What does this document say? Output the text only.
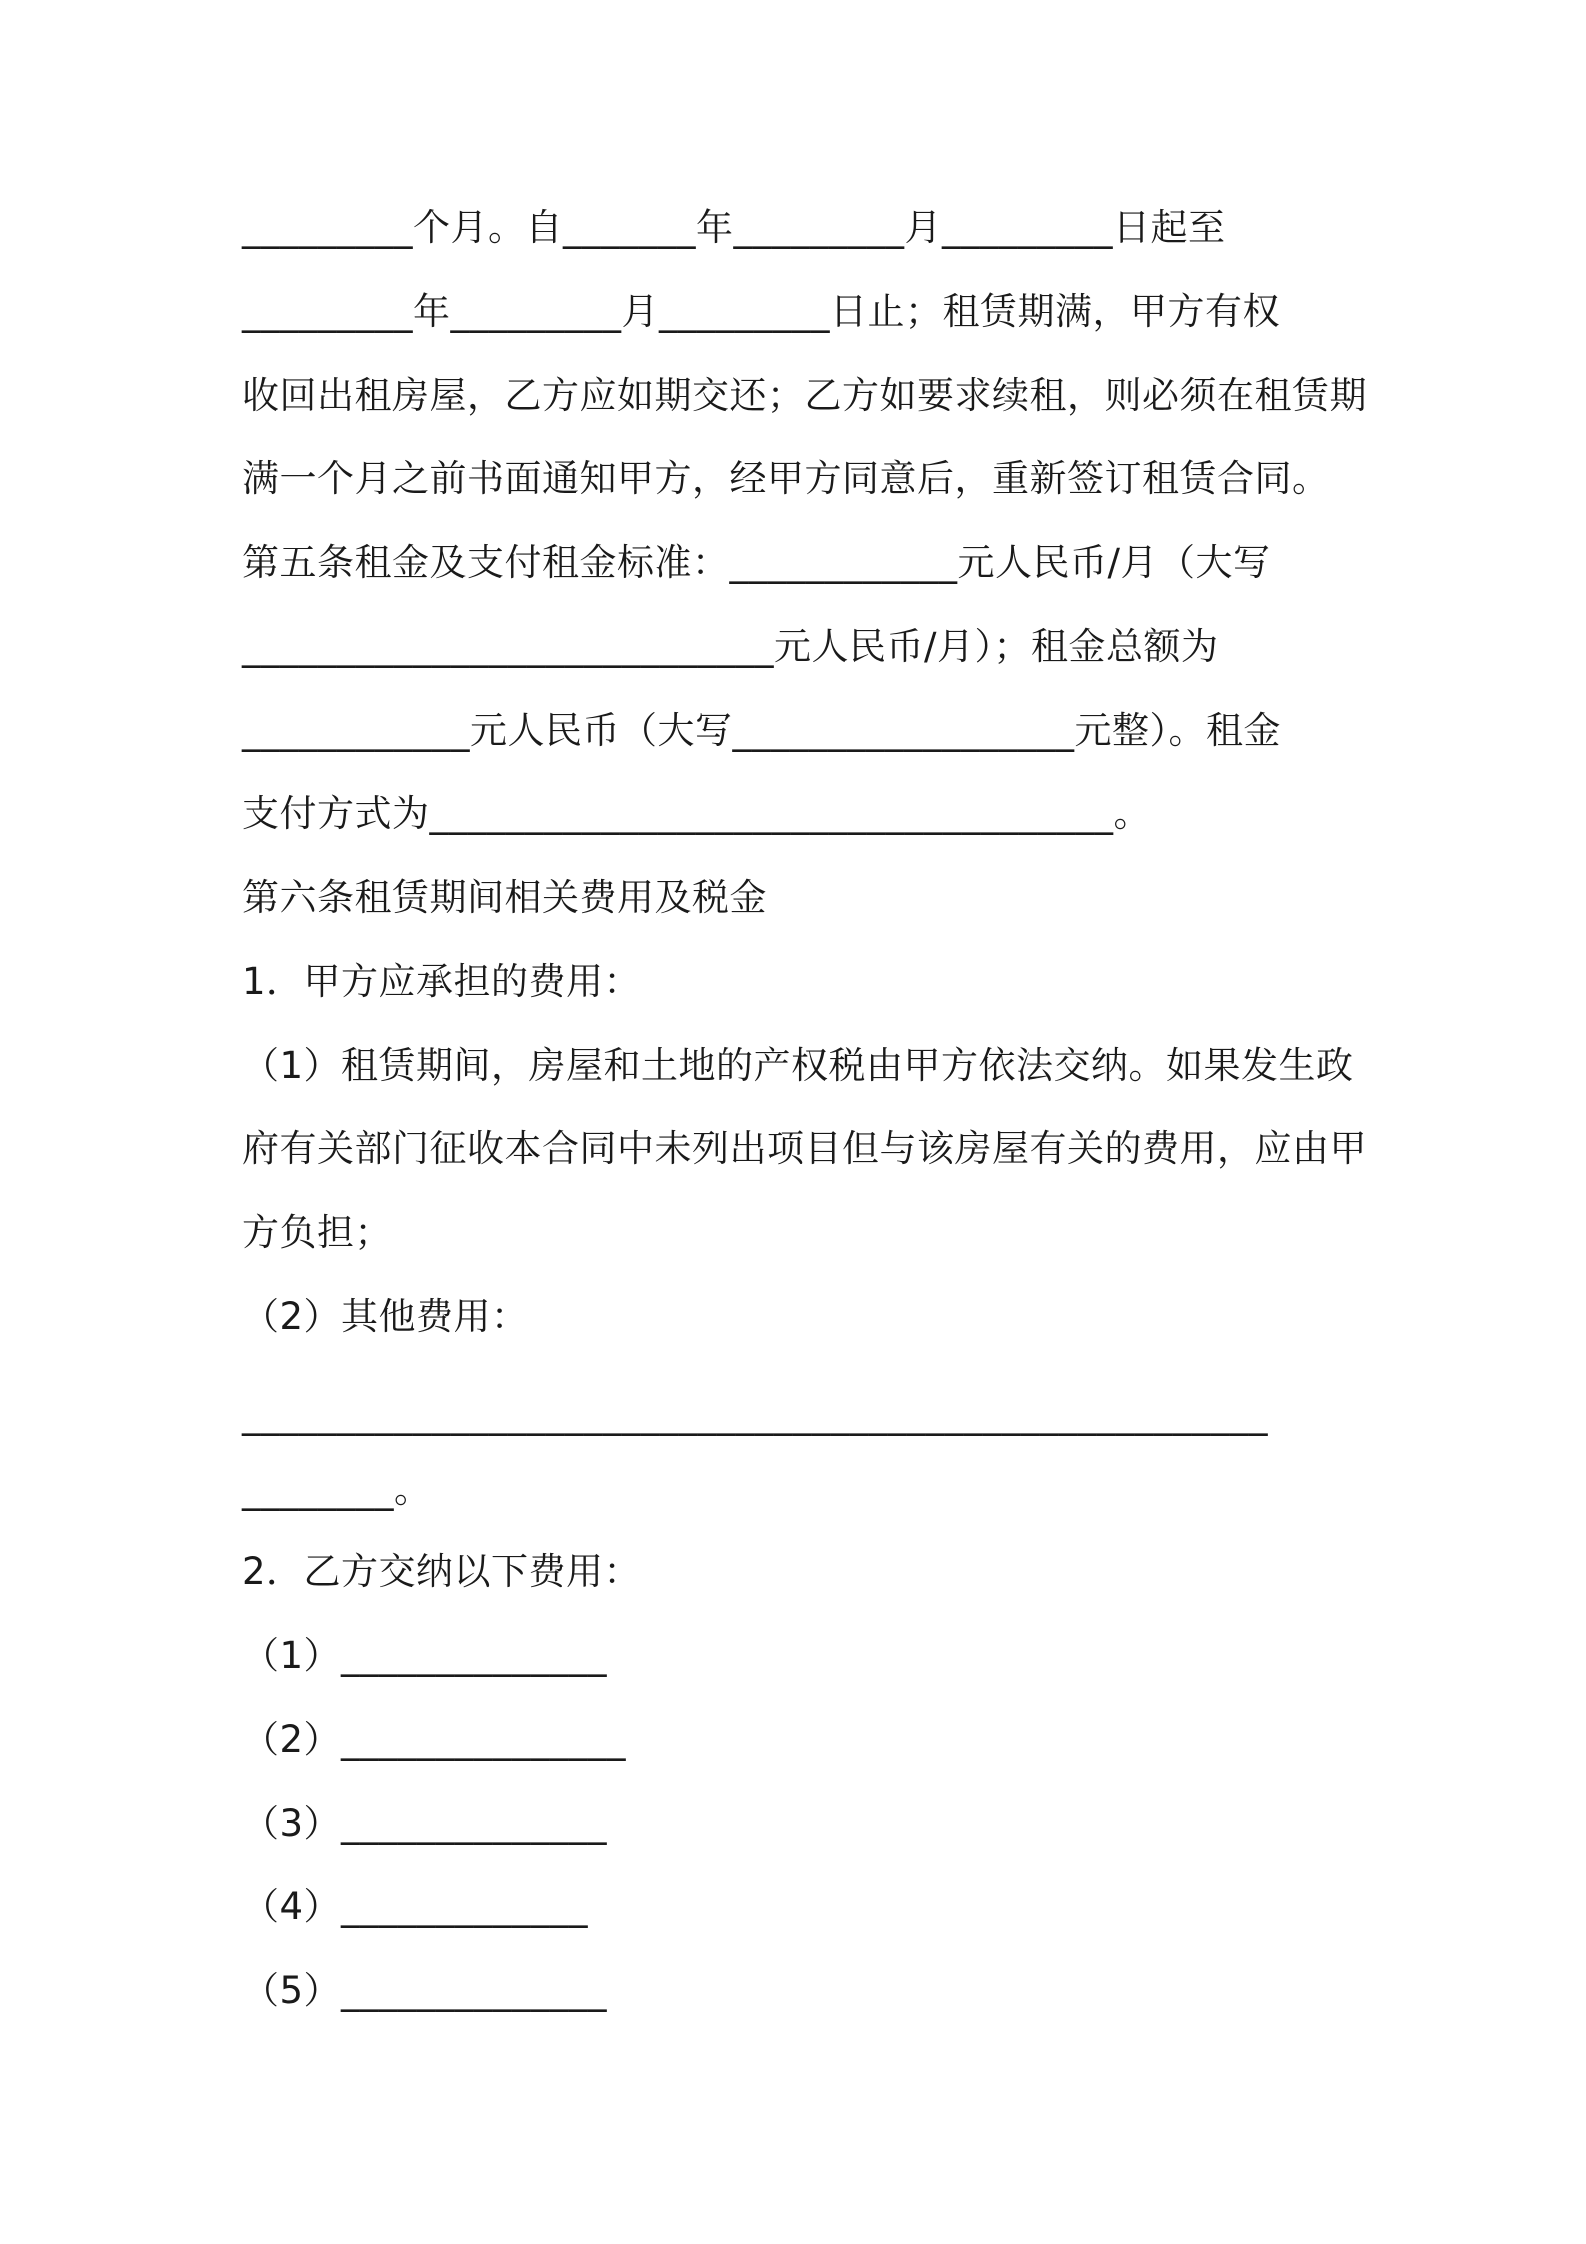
_________个月。自_______年_________月_________日起至
_________年_________月_________日止；租赁期满，甲方有权
收回出租房屋，乙方应如期交还；乙方如要求续租，则必须在租赁期
满一个月之前书面通知甲方，经甲方同意后，重新签订租赁合同。
第五条租金及支付租金标准：____________元人民币/月（大写
____________________________元人民币/月）；租金总额为
____________元人民币（大写__________________元整）。租金
支付方式为____________________________________。
第六条租赁期间相关费用及税金
1．甲方应承担的费用：
（1）租赁期间，房屋和土地的产权税由甲方依法交纳。如果发生政
府有关部门征收本合同中未列出项目但与该房屋有关的费用，应由甲
方负担；
（2）其他费用：
______________________________________________________
________。
2．乙方交纳以下费用：
（1）______________
（2）_______________
（3）______________
（4）_____________
（5）______________
